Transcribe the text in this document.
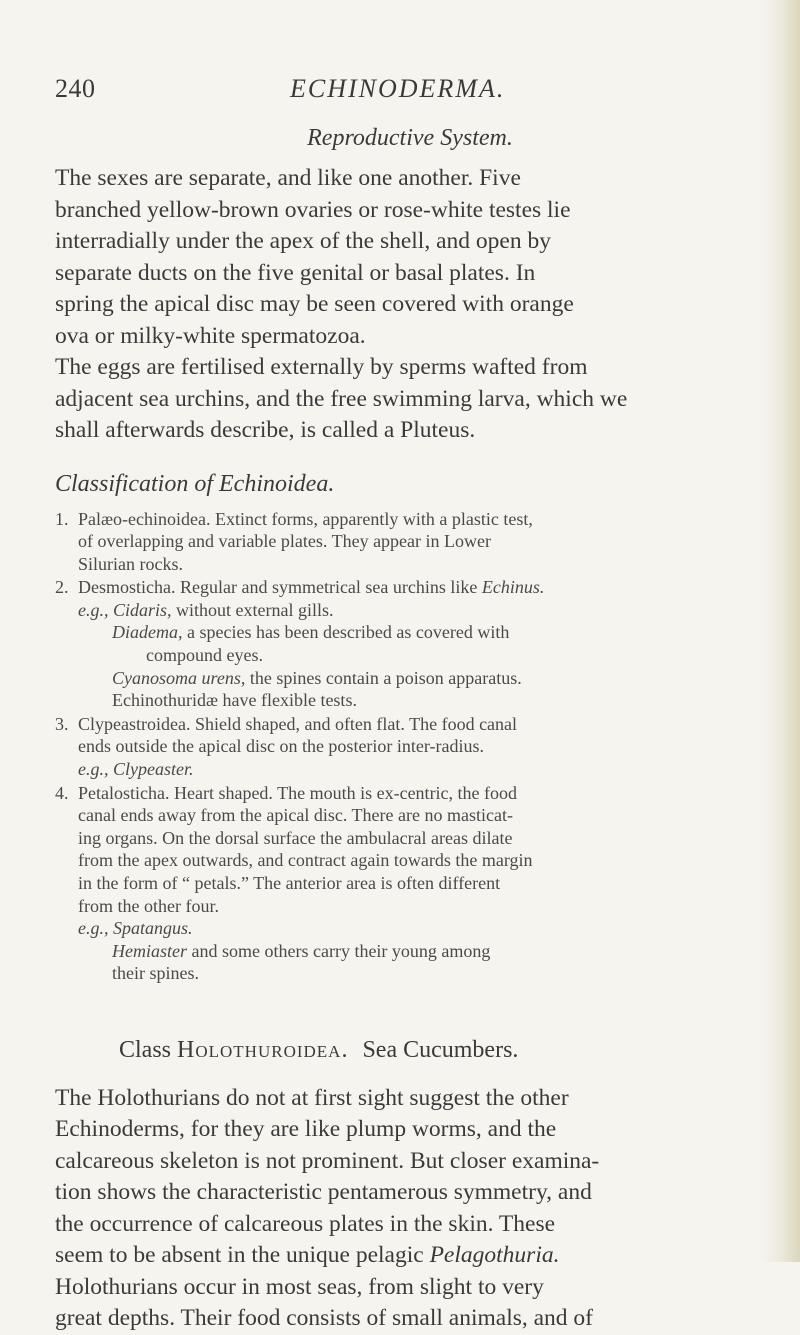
240	ECHINODERMA.
Reproductive System.
The sexes are separate, and like one another. Five
branched yellow-brown ovaries or rose-white testes lie
interradially under the apex of the shell, and open by
separate ducts on the five genital or basal plates. In
spring the apical disc may be seen covered with orange
ova or milky-white spermatozoa.
The eggs are fertilised externally by sperms wafted from
adjacent sea urchins, and the free swimming larva, which we
shall afterwards describe, is called a Pluteus.
Classification of Echinoidea.
1. Palæo-echinoidea. Extinct forms, apparently with a plastic test,
of overlapping and variable plates. They appear in Lower
Silurian rocks.
2. Desmosticha. Regular and symmetrical sea urchins like Echinus.
e.g., Cidaris, without external gills.
Diadema, a species has been described as covered with
compound eyes.
Cyanosoma urens, the spines contain a poison apparatus.
Echinothuridæ have flexible tests.
3. Clypeastroidea. Shield shaped, and often flat. The food canal
ends outside the apical disc on the posterior inter-radius.
e.g., Clypeaster.
4. Petalosticha. Heart shaped. The mouth is ex-centric, the food
canal ends away from the apical disc. There are no masticat-
ing organs. On the dorsal surface the ambulacral areas dilate
from the apex outwards, and contract again towards the margin
in the form of “ petals.” The anterior area is often different
from the other four.
e.g., Spatangus.
Hemiaster and some others carry their young among
their spines.
Class Holothuroidea. Sea Cucumbers.
The Holothurians do not at first sight suggest the other
Echinoderms, for they are like plump worms, and the
calcareous skeleton is not prominent. But closer examina-
tion shows the characteristic pentamerous symmetry, and
the occurrence of calcareous plates in the skin. These
seem to be absent in the unique pelagic Pelagothuria.
Holothurians occur in most seas, from slight to very
great depths. Their food consists of small animals, and of
